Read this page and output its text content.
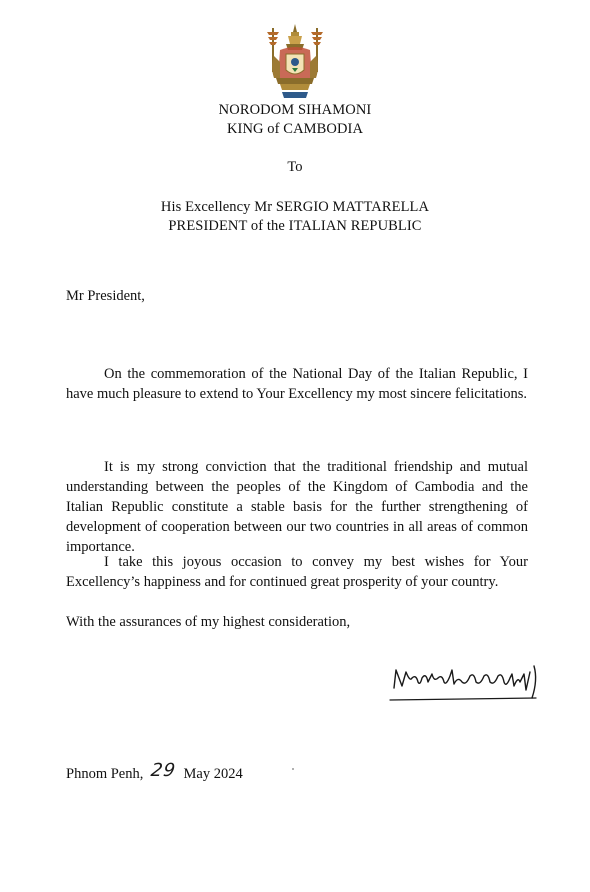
NORODOM SIHAMONI
KING of CAMBODIA
To
His Excellency Mr SERGIO MATTARELLA
PRESIDENT of the ITALIAN REPUBLIC
Mr President,

On the commemoration of the National Day of the Italian Republic, I have much pleasure to extend to Your Excellency my most sincere felicitations.

It is my strong conviction that the traditional friendship and mutual understanding between the peoples of the Kingdom of Cambodia and the Italian Republic constitute a stable basis for the further strengthening of development of cooperation between our two countries in all areas of common importance.

I take this joyous occasion to convey my best wishes for Your Excellency’s happiness and for continued great prosperity of your country.

With the assurances of my highest consideration,
Phnom Penh, 29 May 2024
